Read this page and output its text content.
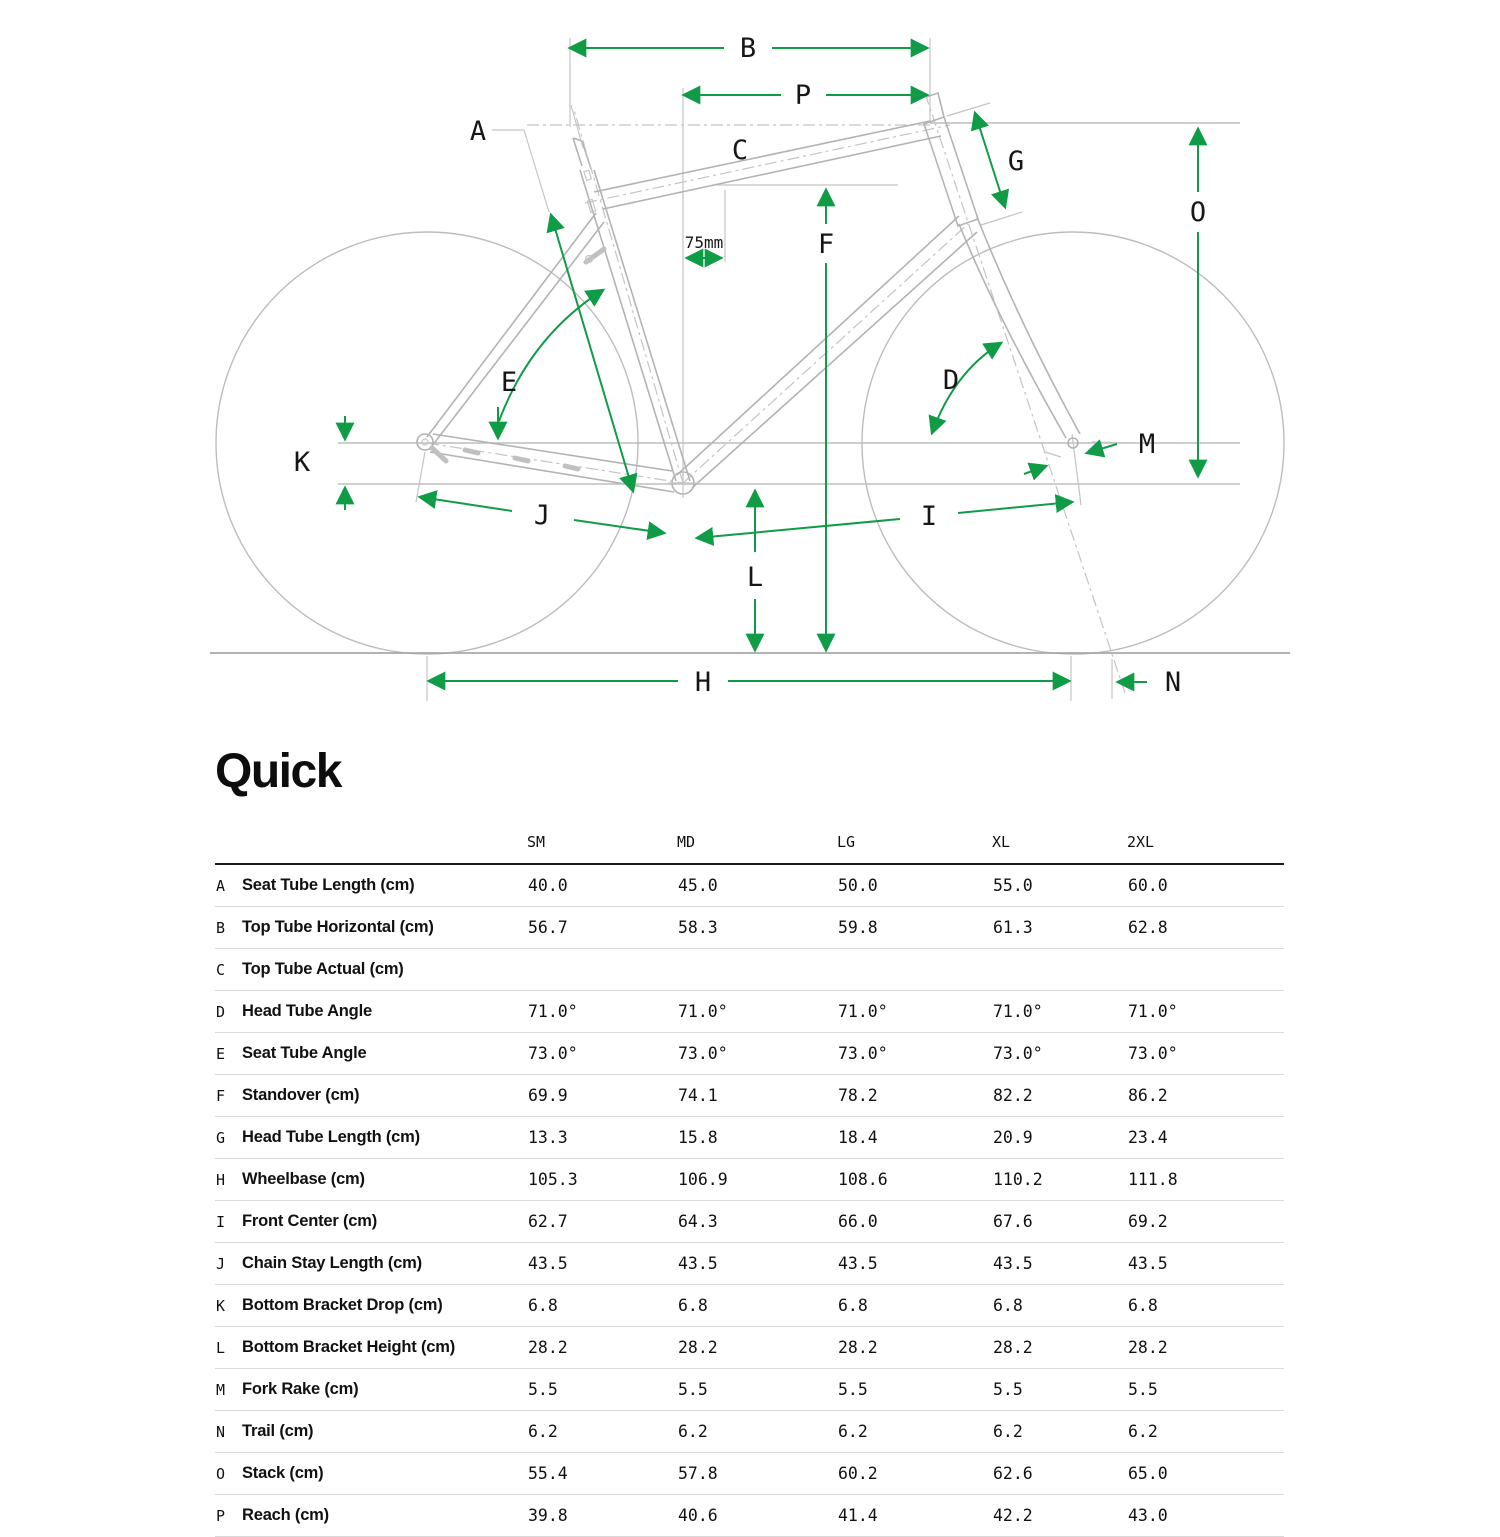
A
B
C
D
E
F
G
H
I
J
K
L
M
N
O
P
75mm
Quick
		SM	MD	LG	XL	2XL
A	Seat Tube Length (cm)	40.0	45.0	50.0	55.0	60.0
B	Top Tube Horizontal (cm)	56.7	58.3	59.8	61.3	62.8
C	Top Tube Actual (cm)					
D	Head Tube Angle	71.0°	71.0°	71.0°	71.0°	71.0°
E	Seat Tube Angle	73.0°	73.0°	73.0°	73.0°	73.0°
F	Standover (cm)	69.9	74.1	78.2	82.2	86.2
G	Head Tube Length (cm)	13.3	15.8	18.4	20.9	23.4
H	Wheelbase (cm)	105.3	106.9	108.6	110.2	111.8
I	Front Center (cm)	62.7	64.3	66.0	67.6	69.2
J	Chain Stay Length (cm)	43.5	43.5	43.5	43.5	43.5
K	Bottom Bracket Drop (cm)	6.8	6.8	6.8	6.8	6.8
L	Bottom Bracket Height (cm)	28.2	28.2	28.2	28.2	28.2
M	Fork Rake (cm)	5.5	5.5	5.5	5.5	5.5
N	Trail (cm)	6.2	6.2	6.2	6.2	6.2
O	Stack (cm)	55.4	57.8	60.2	62.6	65.0
P	Reach (cm)	39.8	40.6	41.4	42.2	43.0
